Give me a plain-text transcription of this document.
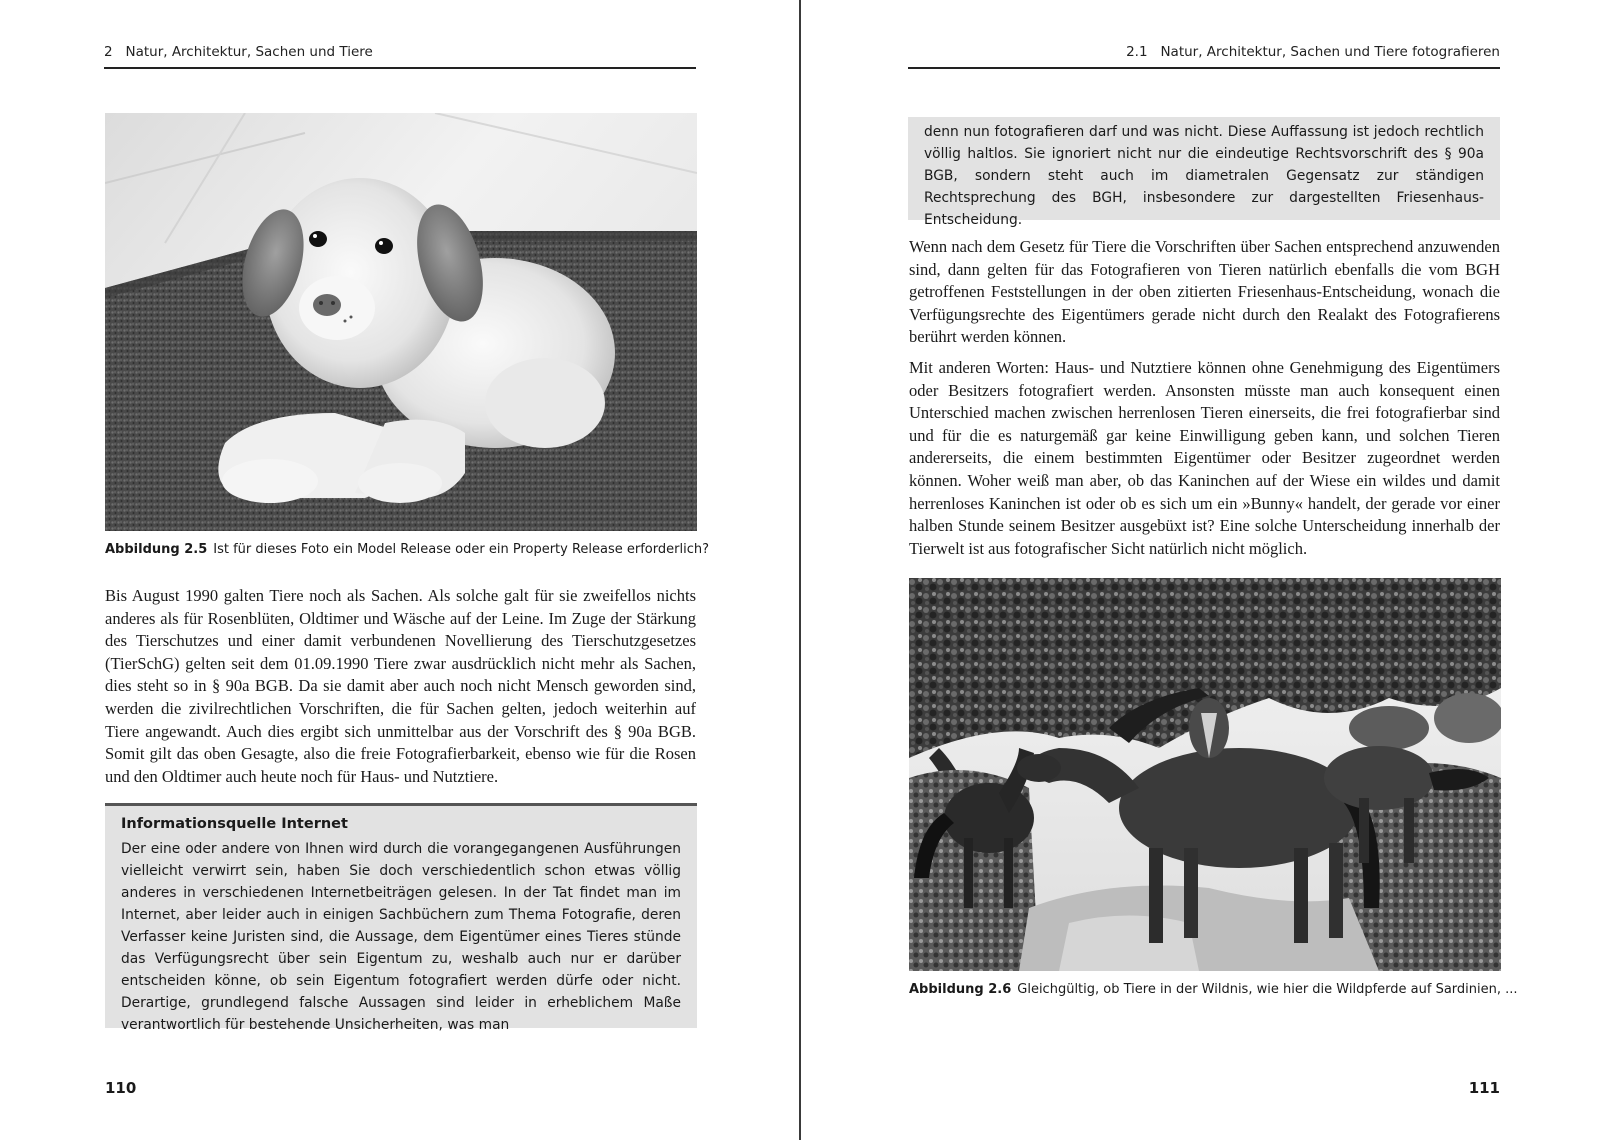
2 Natur, Architektur, Sachen und Tiere
Abbildung 2.5 Ist für dieses Foto ein Model Release oder ein Property Release erforderlich?

Bis August 1990 galten Tiere noch als Sachen. Als solche galt für sie zweifellos nichts anderes als für Rosenblüten, Oldtimer und Wäsche auf der Leine. Im Zuge der Stärkung des Tierschutzes und einer damit verbundenen Novellierung des Tierschutzgesetzes (TierSchG) gelten seit dem 01.09.1990 Tiere zwar ausdrücklich nicht mehr als Sachen, dies steht so in § 90a BGB. Da sie damit aber auch noch nicht Mensch geworden sind, werden die zivilrechtlichen Vorschriften, die für Sachen gelten, jedoch weiterhin auf Tiere angewandt. Auch dies ergibt sich unmittelbar aus der Vorschrift des § 90a BGB. Somit gilt das oben Gesagte, also die freie Fotografierbarkeit, ebenso wie für die Rosen und den Oldtimer auch heute noch für Haus- und Nutztiere.

Informationsquelle Internet

Der eine oder andere von Ihnen wird durch die vorangegangenen Ausführungen vielleicht verwirrt sein, haben Sie doch verschiedentlich schon etwas völlig anderes in verschiedenen Internetbeiträgen gelesen. In der Tat findet man im Internet, aber leider auch in einigen Sachbüchern zum Thema Fotografie, deren Verfasser keine Juristen sind, die Aussage, dem Eigentümer eines Tieres stünde das Verfügungsrecht über sein Eigentum zu, weshalb auch nur er darüber entscheiden könne, ob sein Eigentum fotografiert werden dürfe oder nicht. Derartige, grundlegend falsche Aussagen sind leider in erheblichem Maße verantwortlich für bestehende Unsicherheiten, was man

110
2.1 Natur, Architektur, Sachen und Tiere fotografieren

denn nun fotografieren darf und was nicht. Diese Auffassung ist jedoch rechtlich völlig haltlos. Sie ignoriert nicht nur die eindeutige Rechtsvorschrift des § 90a BGB, sondern steht auch im diametralen Gegensatz zur ständigen Rechtsprechung des BGH, insbesondere zur dargestellten Friesenhaus-Entscheidung.

Wenn nach dem Gesetz für Tiere die Vorschriften über Sachen entsprechend anzuwenden sind, dann gelten für das Fotografieren von Tieren natürlich ebenfalls die vom BGH getroffenen Feststellungen in der oben zitierten Friesenhaus-Entscheidung, wonach die Verfügungsrechte des Eigentümers gerade nicht durch den Realakt des Fotografierens berührt werden können.

Mit anderen Worten: Haus- und Nutztiere können ohne Genehmigung des Eigentümers oder Besitzers fotografiert werden. Ansonsten müsste man auch konsequent einen Unterschied machen zwischen herrenlosen Tieren einerseits, die frei fotografierbar sind und für die es naturgemäß gar keine Einwilligung geben kann, und solchen Tieren andererseits, die einem bestimmten Eigentümer oder Besitzer zugeordnet werden können. Woher weiß man aber, ob das Kaninchen auf der Wiese ein wildes und damit herrenloses Kaninchen ist oder ob es sich um ein »Bunny« handelt, der gerade vor einer halben Stunde seinem Besitzer ausgebüxt ist? Eine solche Unterscheidung innerhalb der Tierwelt ist aus fotografischer Sicht natürlich nicht möglich.

Abbildung 2.6 Gleichgültig, ob Tiere in der Wildnis, wie hier die Wildpferde auf Sardinien, ...
111
